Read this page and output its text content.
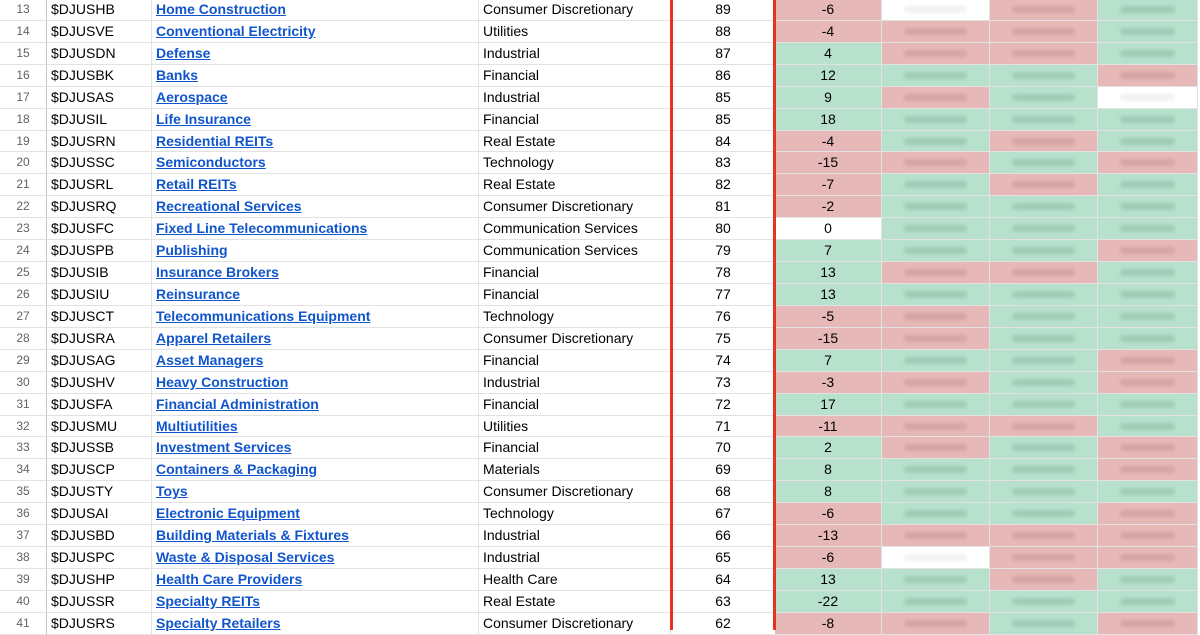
13	$DJUSHB	Home Construction	Consumer Discretionary	89	-6
14	$DJUSVE	Conventional Electricity	Utilities	88	-4
15	$DJUSDN	Defense	Industrial	87	4
16	$DJUSBK	Banks	Financial	86	12
17	$DJUSAS	Aerospace	Industrial	85	9
18	$DJUSIL	Life Insurance	Financial	85	18
19	$DJUSRN	Residential REITs	Real Estate	84	-4
20	$DJUSSC	Semiconductors	Technology	83	-15
21	$DJUSRL	Retail REITs	Real Estate	82	-7
22	$DJUSRQ	Recreational Services	Consumer Discretionary	81	-2
23	$DJUSFC	Fixed Line Telecommunications	Communication Services	80	0
24	$DJUSPB	Publishing	Communication Services	79	7
25	$DJUSIB	Insurance Brokers	Financial	78	13
26	$DJUSIU	Reinsurance	Financial	77	13
27	$DJUSCT	Telecommunications Equipment	Technology	76	-5
28	$DJUSRA	Apparel Retailers	Consumer Discretionary	75	-15
29	$DJUSAG	Asset Managers	Financial	74	7
30	$DJUSHV	Heavy Construction	Industrial	73	-3
31	$DJUSFA	Financial Administration	Financial	72	17
32	$DJUSMU	Multiutilities	Utilities	71	-11
33	$DJUSSB	Investment Services	Financial	70	2
34	$DJUSCP	Containers & Packaging	Materials	69	8
35	$DJUSTY	Toys	Consumer Discretionary	68	8
36	$DJUSAI	Electronic Equipment	Technology	67	-6
37	$DJUSBD	Building Materials & Fixtures	Industrial	66	-13
38	$DJUSPC	Waste & Disposal Services	Industrial	65	-6
39	$DJUSHP	Health Care Providers	Health Care	64	13
40	$DJUSSR	Specialty REITs	Real Estate	63	-22
41	$DJUSRS	Specialty Retailers	Consumer Discretionary	62	-8
